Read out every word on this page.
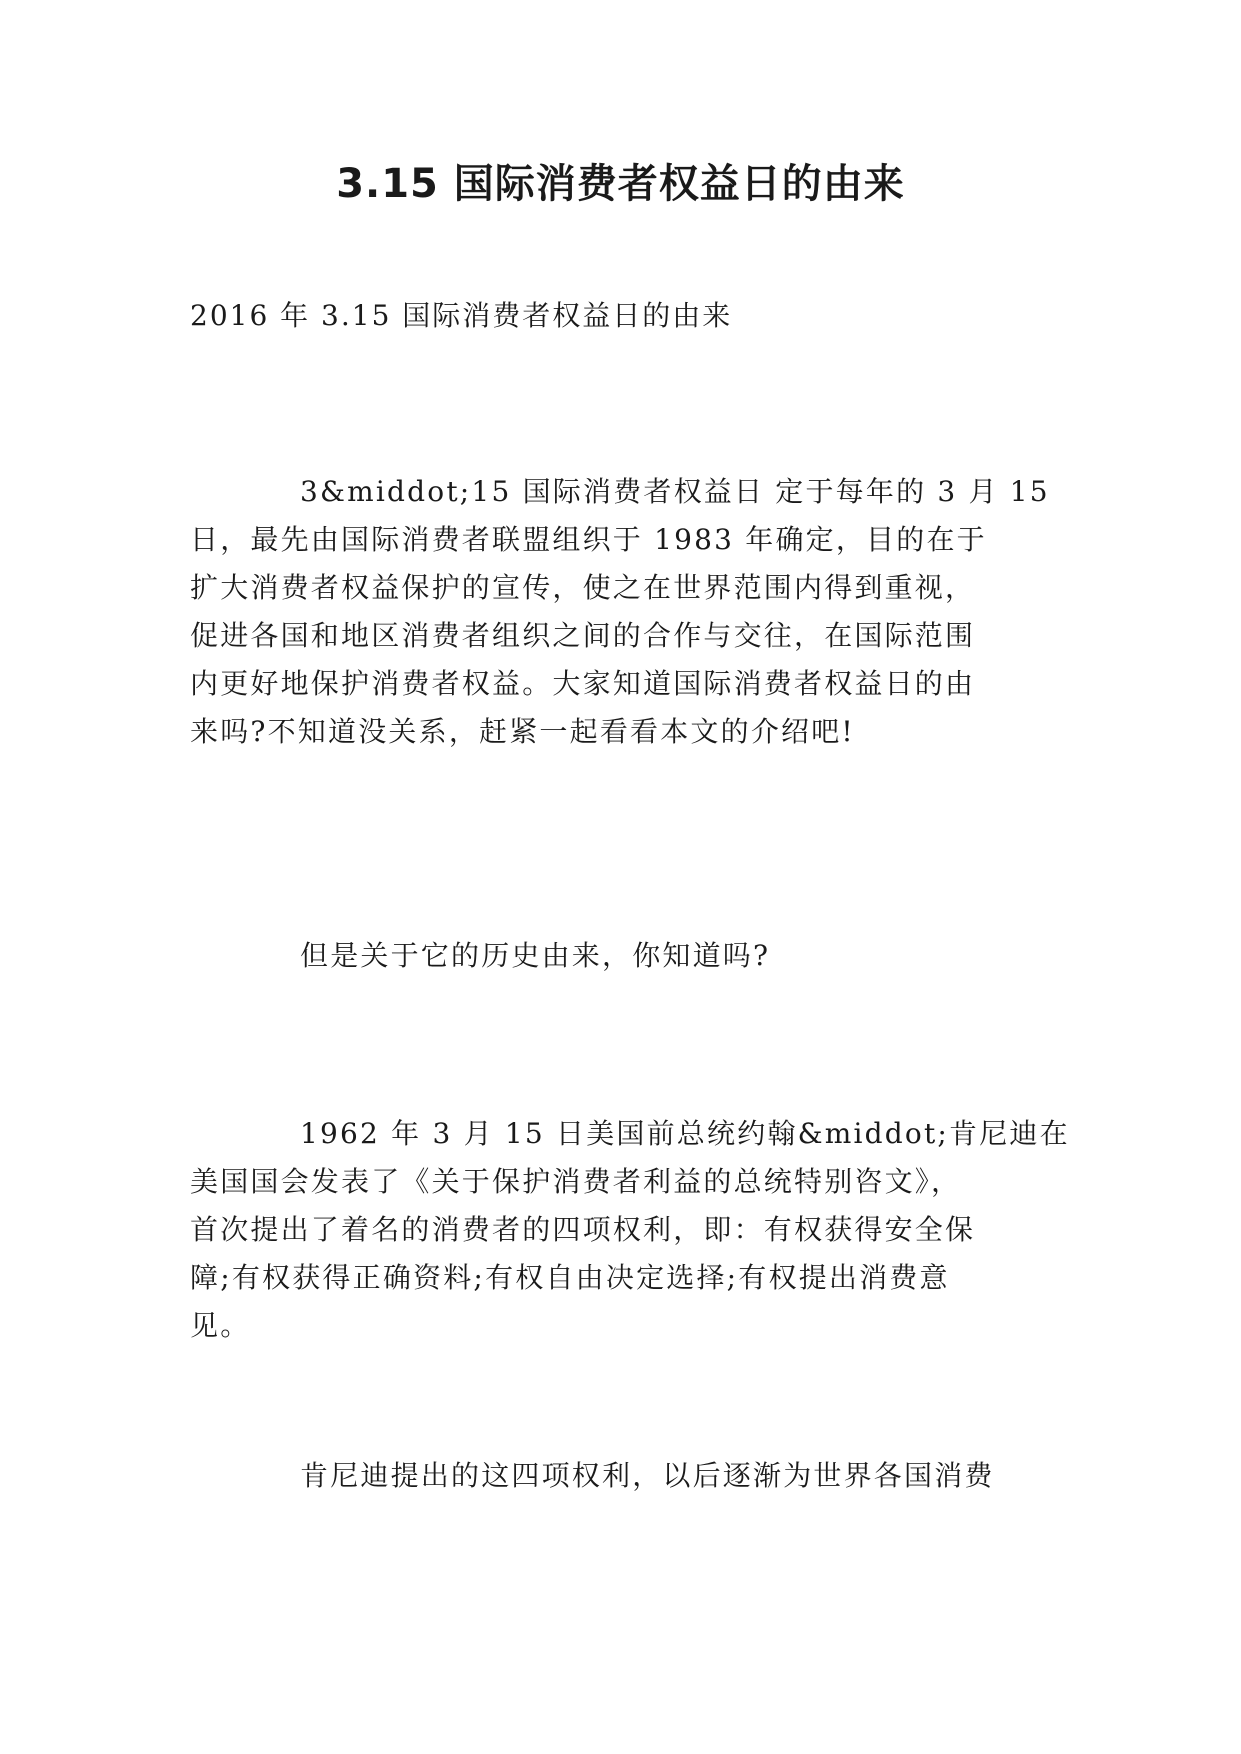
3.15 国际消费者权益日的由来
2016 年 3.15 国际消费者权益日的由来
3&middot;15 国际消费者权益日 定于每年的 3 月 15
日，最先由国际消费者联盟组织于 1983 年确定，目的在于
扩大消费者权益保护的宣传，使之在世界范围内得到重视，
促进各国和地区消费者组织之间的合作与交往，在国际范围
内更好地保护消费者权益。大家知道国际消费者权益日的由
来吗?不知道没关系，赶紧一起看看本文的介绍吧!
但是关于它的历史由来，你知道吗?
1962 年 3 月 15 日美国前总统约翰&middot;肯尼迪在
美国国会发表了《关于保护消费者利益的总统特别咨文》，
首次提出了着名的消费者的四项权利，即：有权获得安全保
障;有权获得正确资料;有权自由决定选择;有权提出消费意
见。
肯尼迪提出的这四项权利，以后逐渐为世界各国消费
